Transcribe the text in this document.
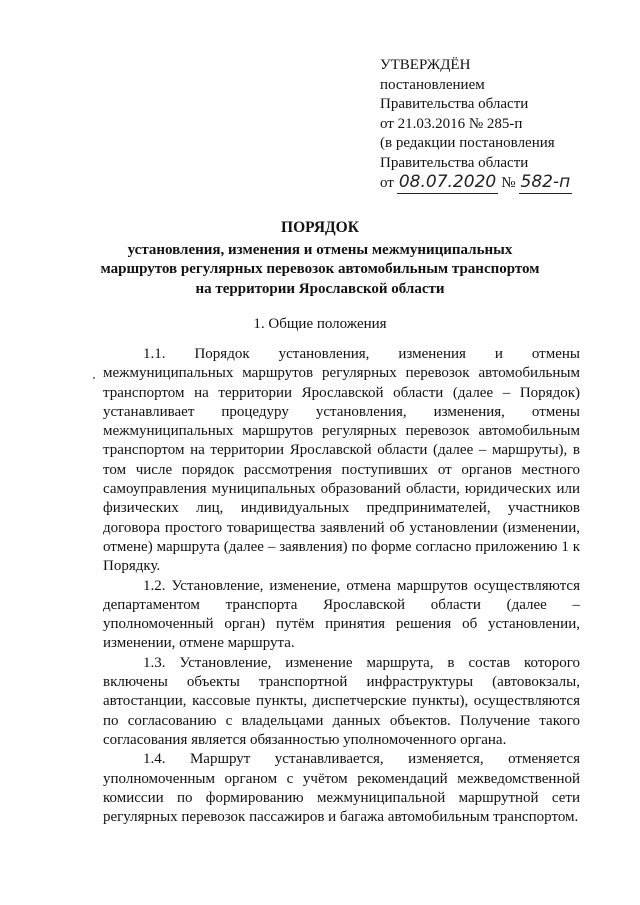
УТВЕРЖДЁН
постановлением
Правительства области
от 21.03.2016 № 285-п
(в редакции постановления
Правительства области
от 08.07.2020 № 582-п
ПОРЯДОК
установления, изменения и отмены межмуниципальных маршрутов регулярных перевозок автомобильным транспортом на территории Ярославской области
1. Общие положения

1.1. Порядок установления, изменения и отмены межмуниципальных маршрутов регулярных перевозок автомобильным транспортом на территории Ярославской области (далее – Порядок) устанавливает процедуру установления, изменения, отмены межмуниципальных маршрутов регулярных перевозок автомобильным транспортом на территории Ярославской области (далее – маршруты), в том числе порядок рассмотрения поступивших от органов местного самоуправления муниципальных образований области, юридических или физических лиц, индивидуальных предпринимателей, участников договора простого товарищества заявлений об установлении (изменении, отмене) маршрута (далее – заявления) по форме согласно приложению 1 к Порядку.

1.2. Установление, изменение, отмена маршрутов осуществляются департаментом транспорта Ярославской области (далее – уполномоченный орган) путём принятия решения об установлении, изменении, отмене маршрута.

1.3. Установление, изменение маршрута, в состав которого включены объекты транспортной инфраструктуры (автовокзалы, автостанции, кассовые пункты, диспетчерские пункты), осуществляются по согласованию с владельцами данных объектов. Получение такого согласования является обязанностью уполномоченного органа.

1.4. Маршрут устанавливается, изменяется, отменяется уполномоченным органом с учётом рекомендаций межведомственной комиссии по формированию межмуниципальной маршрутной сети регулярных перевозок пассажиров и багажа автомобильным транспортом.
